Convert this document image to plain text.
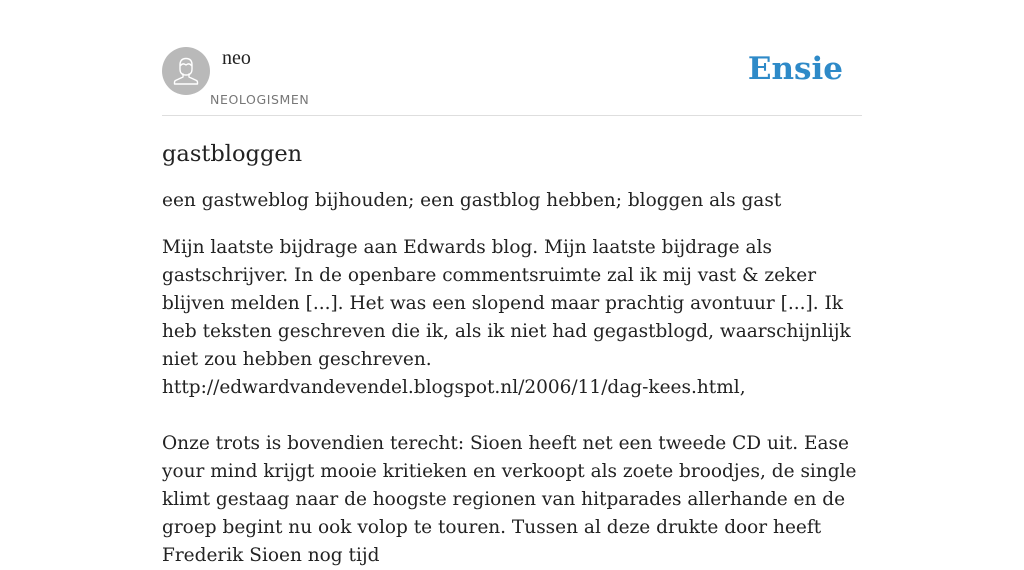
neo
NEOLOGISMEN
Ensie
gastbloggen

een gastweblog bijhouden; een gastblog hebben; bloggen als gast

Mijn laatste bijdrage aan Edwards blog. Mijn laatste bijdrage als gastschrijver. In de openbare commentsruimte zal ik mij vast & zeker blijven melden [...]. Het was een slopend maar prachtig avontuur [...]. Ik heb teksten geschreven die ik, als ik niet had gegastblogd, waarschijnlijk niet zou hebben geschreven. http://edwardvandevendel.blogspot.nl/2006/11/dag-kees.html,

Onze trots is bovendien terecht: Sioen heeft net een tweede CD uit. Ease your mind krijgt mooie kritieken en verkoopt als zoete broodjes, de single klimt gestaag naar de hoogste regionen van hitparades allerhande en de groep begint nu ook volop te touren. Tussen al deze drukte door heeft Frederik Sioen nog tijd
